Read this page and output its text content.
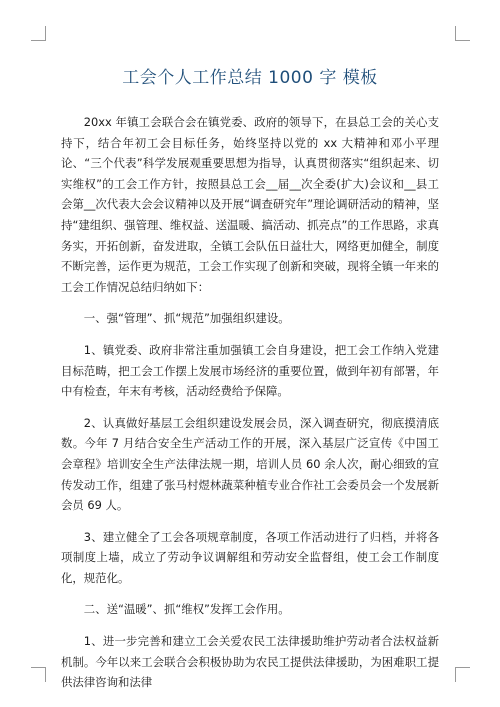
工会个人工作总结 1000 字 模板

20xx 年镇工会联合会在镇党委、政府的领导下，在县总工会的关心支持下，结合年初工会目标任务，始终坚持以党的 xx 大精神和邓小平理论、“三个代表”科学发展观重要思想为指导，认真贯彻落实“组织起来、切实维权”的工会工作方针，按照县总工会__届__次全委(扩大)会议和__县工会第__次代表大会会议精神以及开展“调查研究年”理论调研活动的精神，坚持“建组织、强管理、维权益、送温暖、搞活动、抓亮点”的工作思路，求真务实，开拓创新，奋发进取，全镇工会队伍日益壮大，网络更加健全，制度不断完善，运作更为规范，工会工作实现了创新和突破，现将全镇一年来的工会工作情况总结归纳如下：

一、强“管理”、抓“规范”加强组织建设。

1、镇党委、政府非常注重加强镇工会自身建设，把工会工作纳入党建目标范畴，把工会工作摆上发展市场经济的重要位置，做到年初有部署，年中有检查，年末有考核，活动经费给予保障。

2、认真做好基层工会组织建设发展会员，深入调查研究，彻底摸清底数。今年 7 月结合安全生产活动工作的开展，深入基层广泛宣传《中国工会章程》培训安全生产法律法规一期，培训人员 60 余人次，耐心细致的宣传发动工作，组建了张马村煜林蔬菜种植专业合作社工会委员会一个发展新会员 69 人。

3、建立健全了工会各项规章制度，各项工作活动进行了归档，并将各项制度上墙，成立了劳动争议调解组和劳动安全监督组，使工会工作制度化，规范化。

二、送“温暖”、抓“维权”发挥工会作用。

1、进一步完善和建立工会关爱农民工法律援助维护劳动者合法权益新机制。今年以来工会联合会积极协助为农民工提供法律援助，为困难职工提供法律咨询和法律
